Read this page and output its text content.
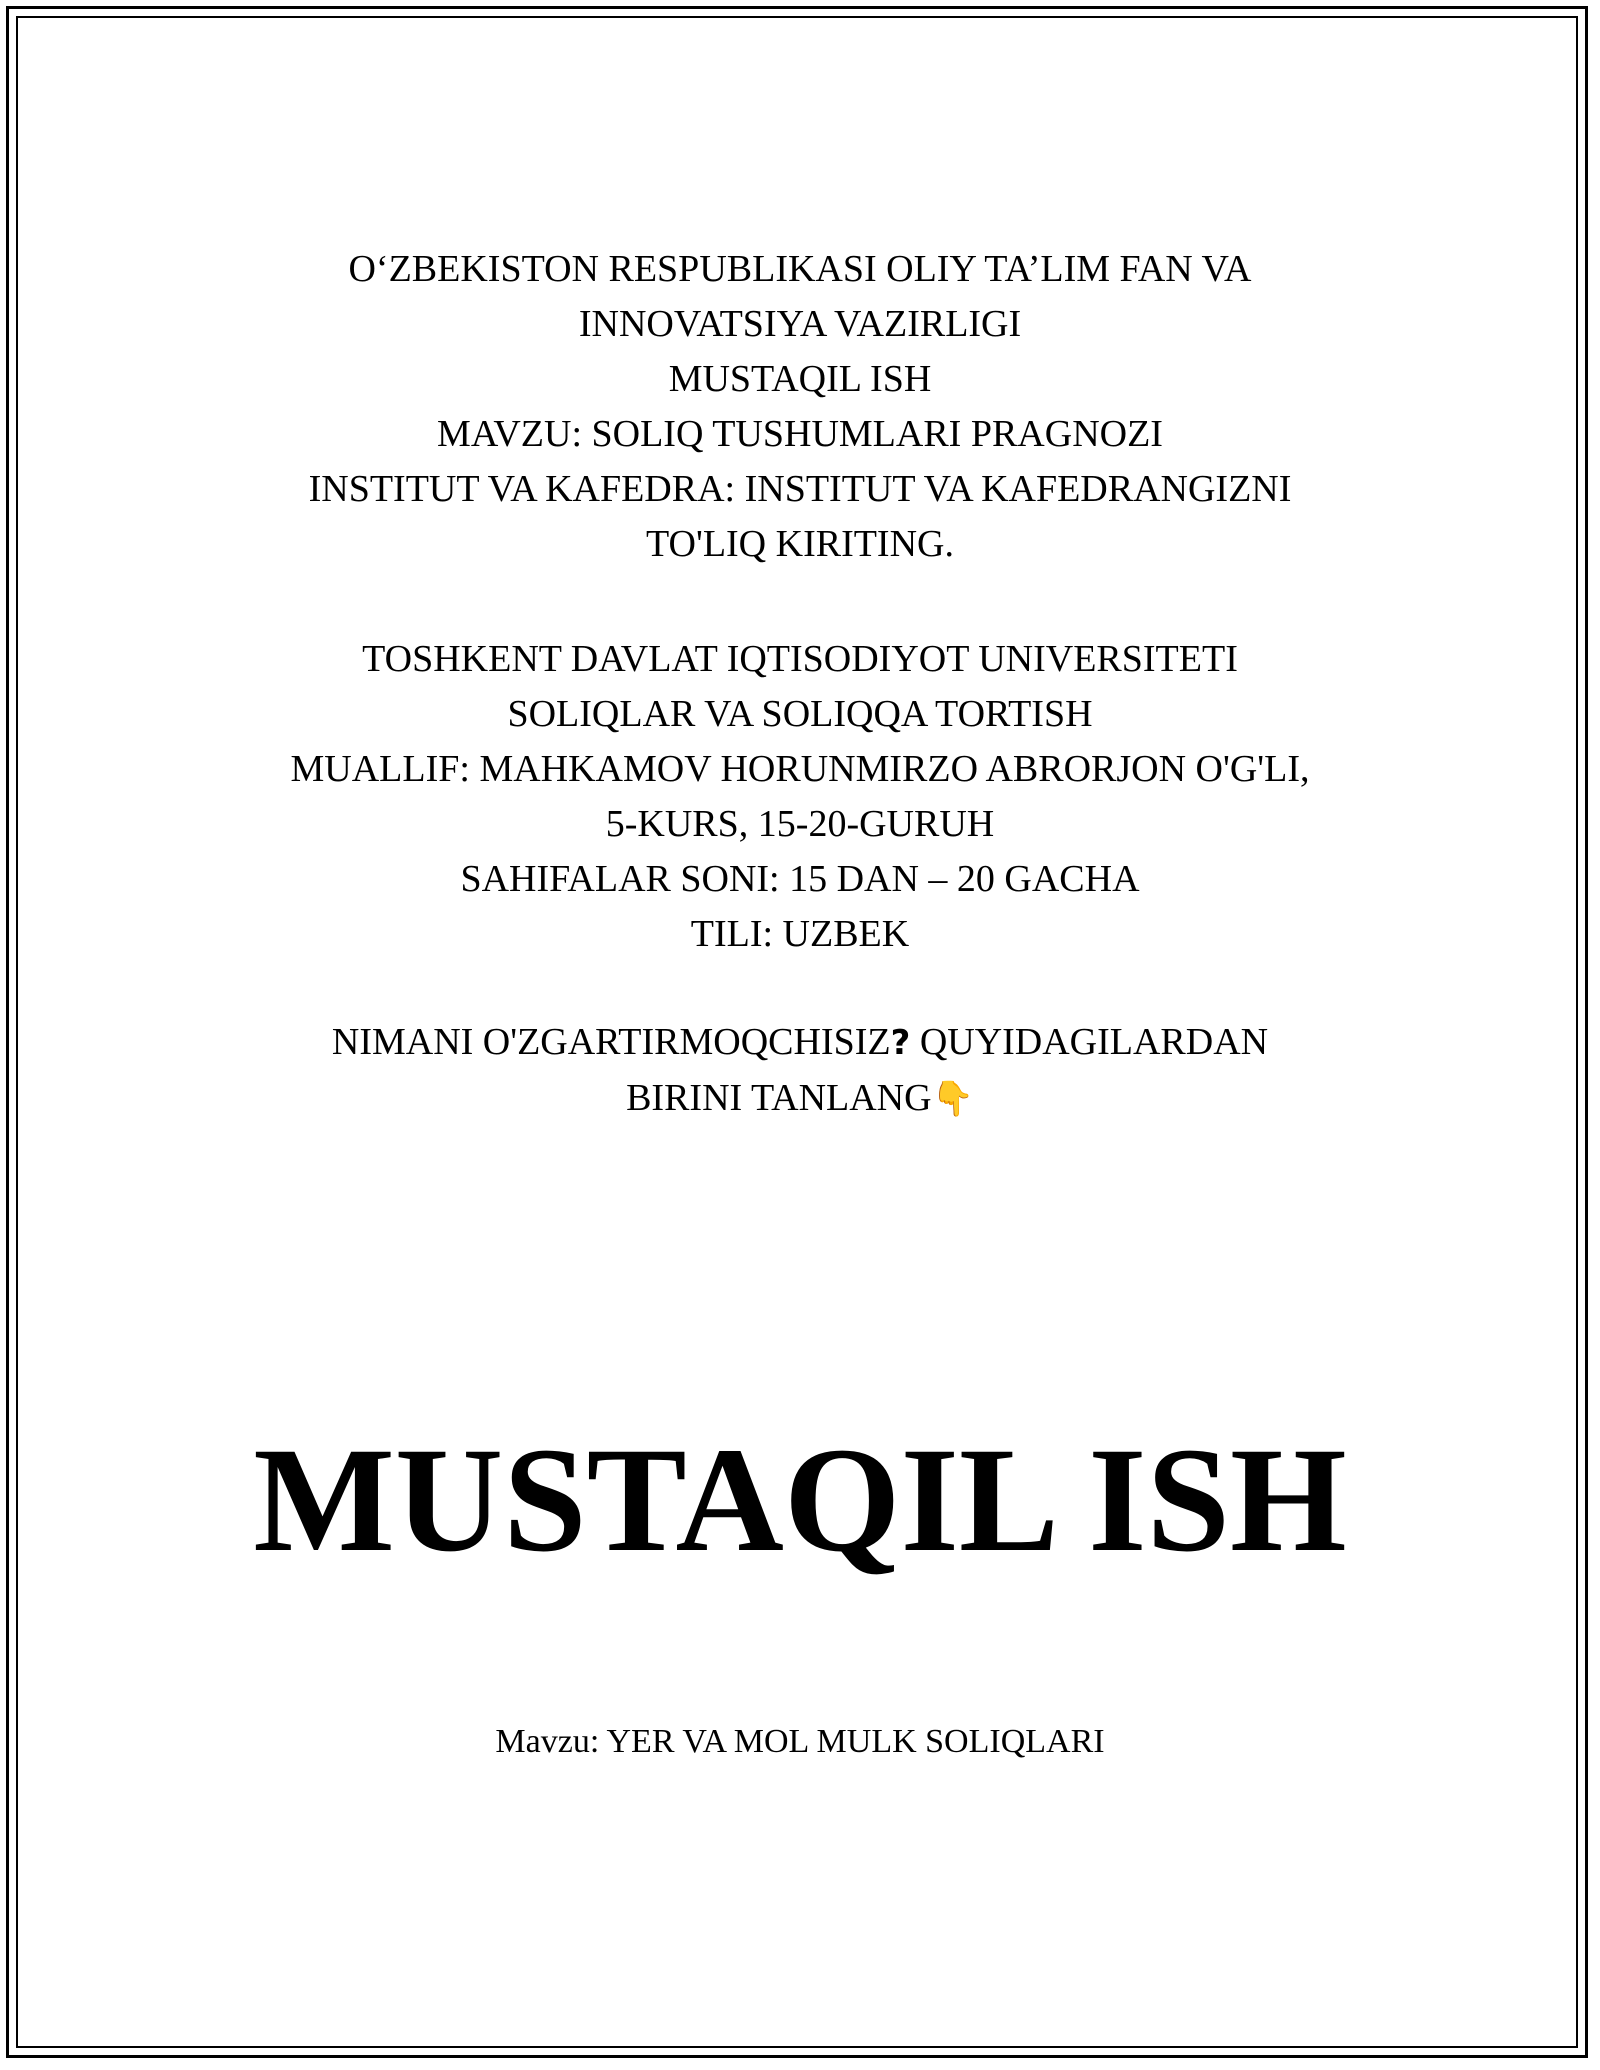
O‘ZBEKISTON RESPUBLIKASI OLIY TA’LIM FAN VA
INNOVATSIYA VAZIRLIGI
MUSTAQIL ISH
MAVZU: SOLIQ TUSHUMLARI PRAGNOZI
INSTITUT VA KAFEDRA: INSTITUT VA KAFEDRANGIZNI
TO'LIQ KIRITING.
TOSHKENT DAVLAT IQTISODIYOT UNIVERSITETI
SOLIQLAR VA SOLIQQA TORTISH
MUALLIF: MAHKAMOV HORUNMIRZO ABRORJON O'G'LI,
5-KURS, 15-20-GURUH
SAHIFALAR SONI: 15 DAN – 20 GACHA
TILI: UZBEK
NIMANI O'ZGARTIRMOQCHISIZ? QUYIDAGILARDAN
BIRINI TANLANG👇
MUSTAQIL ISH
Mavzu: YER VA MOL MULK SOLIQLARI
